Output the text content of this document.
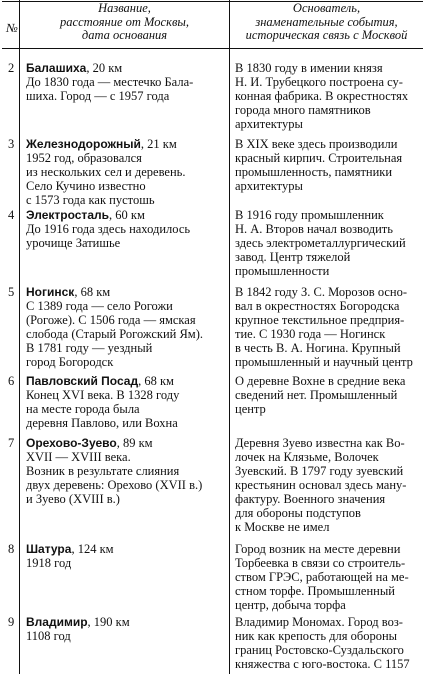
№
Название,
расстояние от Москвы,
дата основания
Основатель,
знаменательные события,
историческая связь с Москвой
2 Балашиха, 20 км
До 1830 года — местечко Бала-
шиха. Город — с 1957 года
В 1830 году в имении князя
Н. И. Трубецкого построена су-
конная фабрика. В окрестностях
города много памятников
архитектуры
3 Железнодорожный, 21 км
1952 год, образовался
из нескольких сел и деревень.
Село Кучино известно
с 1573 года как пустошь
В XIX веке здесь производили
красный кирпич. Строительная
промышленность, памятники
архитектуры
4 Электросталь, 60 км
До 1916 года здесь находилось
урочище Затишье
В 1916 году промышленник
Н. А. Второв начал возводить
здесь электрометаллургический
завод. Центр тяжелой
промышленности
5 Ногинск, 68 км
С 1389 года — село Рогожи
(Рогоже). С 1506 года — ямская
слобода (Старый Рогожский Ям).
В 1781 году — уездный
город Богородск
В 1842 году З. С. Морозов осно-
вал в окрестностях Богородска
крупное текстильное предприя-
тие. С 1930 года — Ногинск
в честь В. А. Ногина. Крупный
промышленный и научный центр
6 Павловский Посад, 68 км
Конец XVI века. В 1328 году
на месте города была
деревня Павлово, или Вохна
О деревне Вохне в средние века
сведений нет. Промышленный
центр
7 Орехово-Зуево, 89 км
XVII — XVIII века.
Возник в результате слияния
двух деревень: Орехово (XVII в.)
и Зуево (XVIII в.)
Деревня Зуево известна как Во-
лочек на Клязьме, Волочек
Зуевский. В 1797 году зуевский
крестьянин основал здесь ману-
фактуру. Военного значения
для обороны подступов
к Москве не имел
8 Шатура, 124 км
1918 год
Город возник на месте деревни
Торбеевка в связи со строитель-
ством ГРЭС, работающей на ме-
стном торфе. Промышленный
центр, добыча торфа
9 Владимир, 190 км
1108 год
Владимир Мономах. Город воз-
ник как крепость для обороны
границ Ростовско-Суздальского
княжества с юго-востока. С 1157
